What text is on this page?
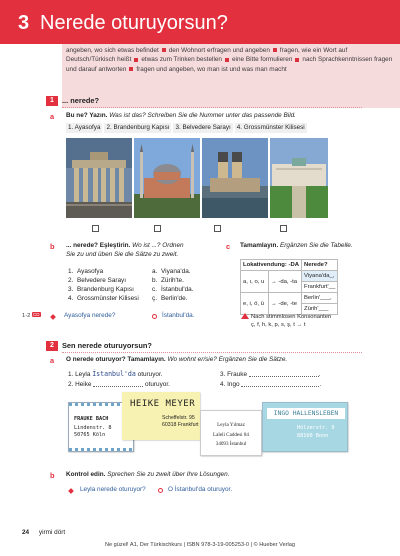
3 Nerede oturuyorsun?
angeben, wo sich etwas befindet den Wohnort erfragen und angeben fragen, wie ein Wort auf Deutsch/Türkisch heißt etwas zum Trinken bestellen eine Bitte formulieren nach Sprachkenntnissen fragen und darauf antworten fragen und angeben, wo man ist und was man macht
1	... nerede?
a Bu ne? Yazın. Was ist das? Schreiben Sie die Nummer unter das passende Bild.
1. Ayasofya 2. Brandenburg Kapısı 3. Belvedere Sarayı 4. Grossmünster Kilisesi
b ... nerede? Eşleştirin. Wo ist ...? Ordnen
Sie zu und üben Sie die Sätze zu zweit.
1. Ayasofya
2. Belvedere Sarayı
3. Brandenburg Kapısı
4. Grossmünster Kilisesi
a. Viyana'da.
b. Zürih'te.
c. İstanbul'da.
ç. Berlin'de.
c Tamamlayın. Ergänzen Sie die Tabelle.
Lokativendung: -DA		Nerede?
a, ı, o, u	→ -da, -ta	Viyana'da_,
		Frankfurt'__
e, i, ö, ü	→ -de, -te	Berlin'___,
		Zürih'___
Nach stimmlosen Konsonanten
ç, f, h, k, p, s, ş, t → t
1-2 CD	Ayasofya nerede?	İstanbul'da.
2	Sen nerede oturuyorsun?
a O nerede oturuyor? Tamamlayın. Wo wohnt er/sie? Ergänzen Sie die Sätze.
1. Leyla İstanbul'da oturuyor.
2. Heike	oturuyor.
3. Frauke	.
4. Ingo	.
FRAUKE BACH
Lindenstr. 8
50765 Köln
HEIKE MEYER
Scheffelstr. 95
60318 Frankfurt	Leyla Yılmaz
Laleli Caddesi 84
34093 İstanbul
INGO HALLENSLEBEN
Hölzerstr. 9
88160 Bonn
b Kontrol edin. Sprechen Sie zu zweit über Ihre Lösungen.
Leyla nerede oturuyor?	O İstanbul'da oturuyor.
24 yirmi dört
Ne güzel! A1, Der Türkischkurs | ISBN 978-3-19-005253-0 | © Hueber Verlag
